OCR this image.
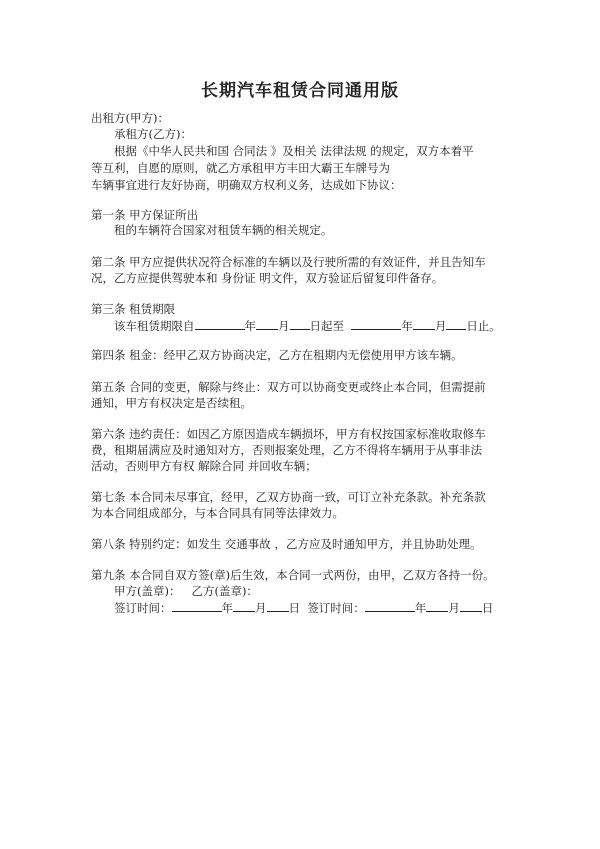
长期汽车租赁合同通用版
出租方(甲方)：
承租方(乙方)：
根据《中华人民共和国 合同法 》及相关 法律法规 的规定，双方本着平
等互利，自愿的原则，就乙方承租甲方丰田大霸王车牌号为
车辆事宜进行友好协商，明确双方权利义务，达成如下协议：
第一条 甲方保证所出
租的车辆符合国家对租赁车辆的相关规定。
第二条 甲方应提供状况符合标准的车辆以及行驶所需的有效证件，并且告知车
况，乙方应提供驾驶本和 身份证 明文件，双方验证后留复印件备存。
第三条 租赁期限
该车租赁期限自	年 月 日起至	年 月 日止。
第四条 租金：经甲乙双方协商决定，乙方在租期内无偿使用甲方该车辆。
第五条 合同的变更，解除与终止：双方可以协商变更或终止本合同，但需提前
通知，甲方有权决定是否续租。
第六条 违约责任：如因乙方原因造成车辆损坏，甲方有权按国家标准收取修车
费，租期届满应及时通知对方，否则报案处理，乙方不得将车辆用于从事非法
活动，否则甲方有权 解除合同 并回收车辆；
第七条 本合同未尽事宜，经甲，乙双方协商一致，可订立补充条款。补充条款
为本合同组成部分，与本合同具有同等法律效力。
第八条 特别约定：如发生 交通事故 ，乙方应及时通知甲方，并且协助处理。
第九条 本合同自双方签(章)后生效，本合同一式两份，由甲，乙双方各持一份。
甲方(盖章)： 乙方(盖章)：
签订时间：	年 月 日 签订时间：	年 月 日
